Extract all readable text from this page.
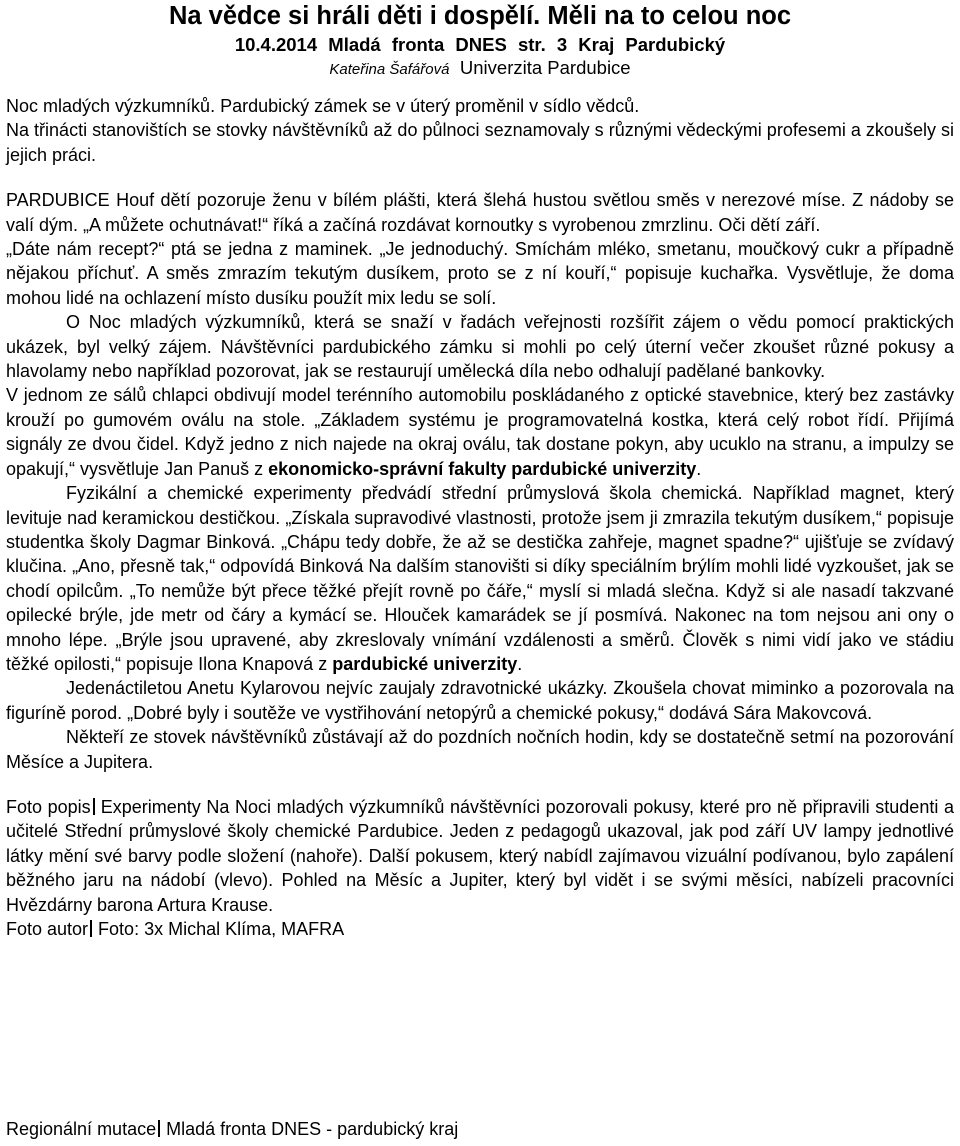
Na vědce si hráli děti i dospělí. Měli na to celou noc
10.4.2014 Mladá fronta DNES str. 3 Kraj Pardubický
Kateřina Šafářová Univerzita Pardubice

Noc mladých výzkumníků. Pardubický zámek se v úterý proměnil v sídlo vědců.

Na třinácti stanovištích se stovky návštěvníků až do půlnoci seznamovaly s různými vědeckými profesemi a zkoušely si jejich práci.

PARDUBICE Houf dětí pozoruje ženu v bílém plášti, která šlehá hustou světlou směs v nerezové míse. Z nádoby se valí dým. „A můžete ochutnávat!“ říká a začíná rozdávat kornoutky s vyrobenou zmrzlinu. Oči dětí září.

„Dáte nám recept?“ ptá se jedna z maminek. „Je jednoduchý. Smíchám mléko, smetanu, moučkový cukr a případně nějakou příchuť. A směs zmrazím tekutým dusíkem, proto se z ní kouří,“ popisuje kuchařka. Vysvětluje, že doma mohou lidé na ochlazení místo dusíku použít mix ledu se solí.

O Noc mladých výzkumníků, která se snaží v řadách veřejnosti rozšířit zájem o vědu pomocí praktických ukázek, byl velký zájem. Návštěvníci pardubického zámku si mohli po celý úterní večer zkoušet různé pokusy a hlavolamy nebo například pozorovat, jak se restaurují umělecká díla nebo odhalují padělané bankovky.

V jednom ze sálů chlapci obdivují model terénního automobilu poskládaného z optické stavebnice, který bez zastávky krouží po gumovém oválu na stole. „Základem systému je programovatelná kostka, která celý robot řídí. Přijímá signály ze dvou čidel. Když jedno z nich najede na okraj oválu, tak dostane pokyn, aby ucuklo na stranu, a impulzy se opakují,“ vysvětluje Jan Panuš z ekonomicko-správní fakulty pardubické univerzity.

Fyzikální a chemické experimenty předvádí střední průmyslová škola chemická. Například magnet, který levituje nad keramickou destičkou. „Získala supravodivé vlastnosti, protože jsem ji zmrazila tekutým dusíkem,“ popisuje studentka školy Dagmar Binková. „Chápu tedy dobře, že až se destička zahřeje, magnet spadne?“ ujišťuje se zvídavý klučina. „Ano, přesně tak,“ odpovídá Binková Na dalším stanovišti si díky speciálním brýlím mohli lidé vyzkoušet, jak se chodí opilcům. „To nemůže být přece těžké přejít rovně po čáře,“ myslí si mladá slečna. Když si ale nasadí takzvané opilecké brýle, jde metr od čáry a kymácí se. Hlouček kamarádek se jí posmívá. Nakonec na tom nejsou ani ony o mnoho lépe. „Brýle jsou upravené, aby zkreslovaly vnímání vzdálenosti a směrů. Člověk s nimi vidí jako ve stádiu těžké opilosti,“ popisuje Ilona Knapová z pardubické univerzity.

Jedenáctiletou Anetu Kylarovou nejvíc zaujaly zdravotnické ukázky. Zkoušela chovat miminko a pozorovala na figuríně porod. „Dobré byly i soutěže ve vystřihování netopýrů a chemické pokusy,“ dodává Sára Makovcová.

Někteří ze stovek návštěvníků zůstávají až do pozdních nočních hodin, kdy se dostatečně setmí na pozorování Měsíce a Jupitera.

Foto popis Experimenty Na Noci mladých výzkumníků návštěvníci pozorovali pokusy, které pro ně připravili studenti a učitelé Střední průmyslové školy chemické Pardubice. Jeden z pedagogů ukazoval, jak pod září UV lampy jednotlivé látky mění své barvy podle složení (nahoře). Další pokusem, který nabídl zajímavou vizuální podívanou, bylo zapálení běžného jaru na nádobí (vlevo). Pohled na Měsíc a Jupiter, který byl vidět i se svými měsíci, nabízeli pracovníci Hvězdárny barona Artura Krause.

Foto autor Foto: 3x Michal Klíma, MAFRA

Regionální mutace Mladá fronta DNES - pardubický kraj
